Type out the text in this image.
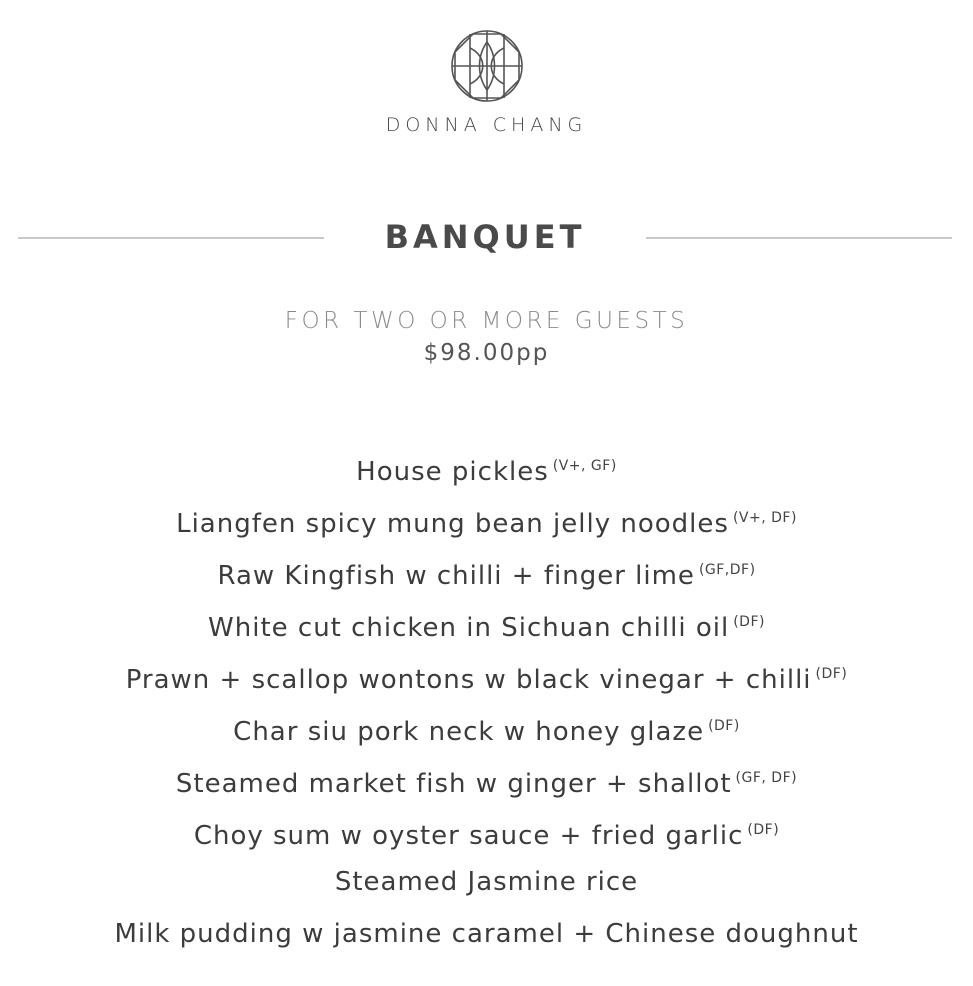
DONNA CHANG
BANQUET
FOR TWO OR MORE GUESTS
$98.00pp
House pickles $^{(V+, GF)}$
Liangfen spicy mung bean jelly noodles $^{(V+, DF)}$
Raw Kingfish w chilli + finger lime $^{(GF,DF)}$
White cut chicken in Sichuan chilli oil $^{(DF)}$
Prawn + scallop wontons w black vinegar + chilli $^{(DF)}$
Char siu pork neck w honey glaze $^{(DF)}$
Steamed market fish w ginger + shallot $^{(GF, DF)}$
Choy sum w oyster sauce + fried garlic $^{(DF)}$
Steamed Jasmine rice
Milk pudding w jasmine caramel + Chinese doughnut
